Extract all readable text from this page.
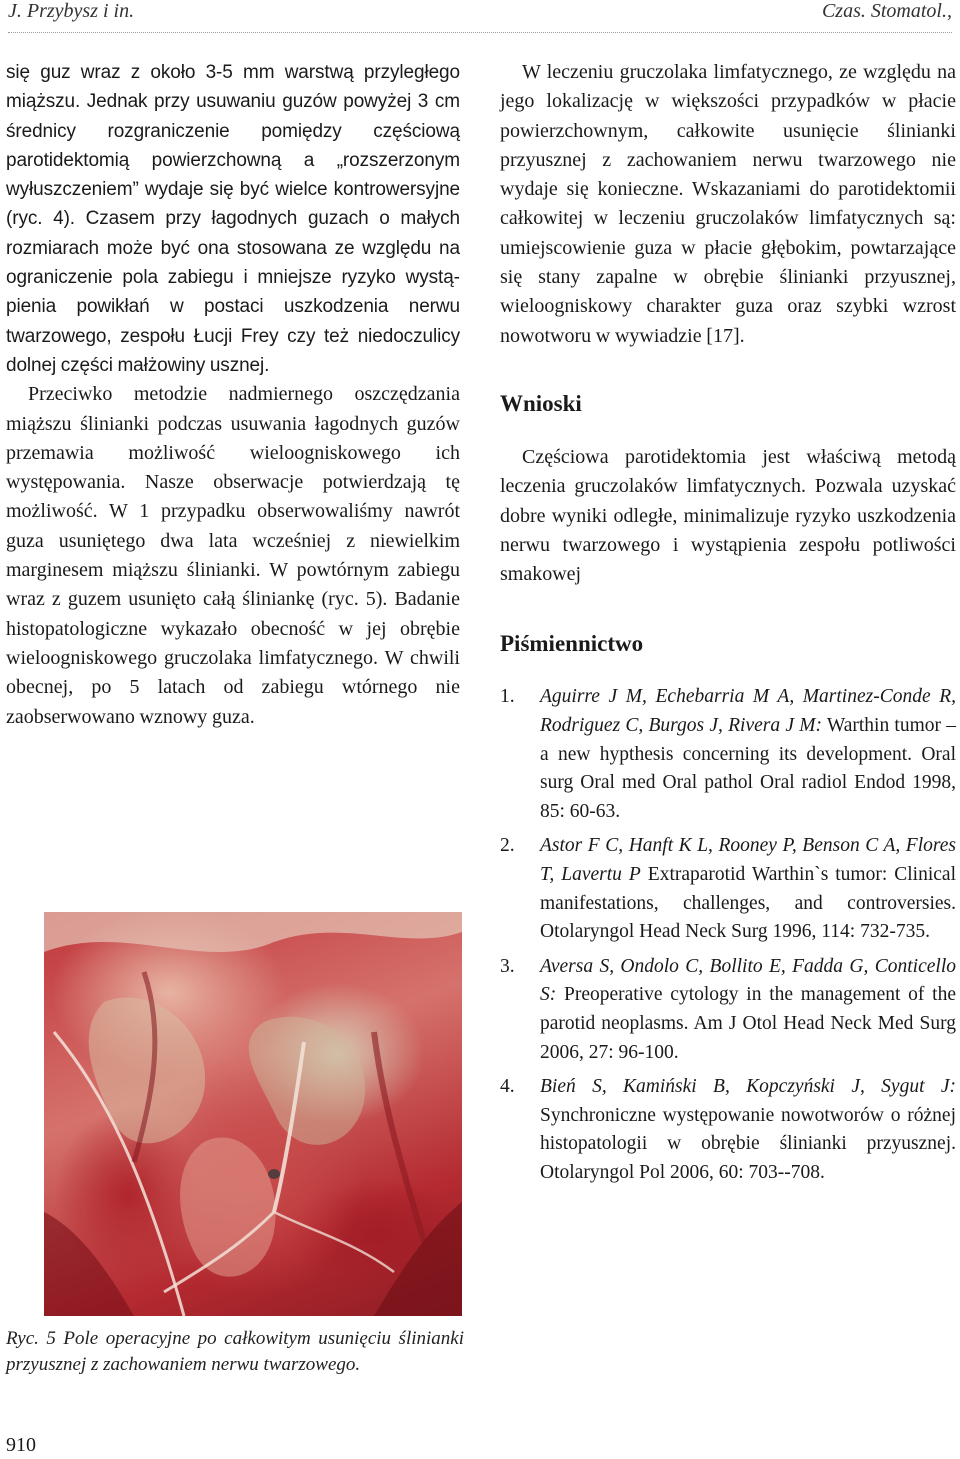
J. Przybysz i in.	Czas. Stomatol.,

się guz wraz z około 3-5 mm warstwą przyległego miąższu. Jednak przy usuwaniu guzów powyżej 3 cm średnicy rozgraniczenie pomiędzy częściową parotidektomią powierzchowną a „rozszerzonym wyłuszczeniem” wydaje się być wielce kontrowersyjne (ryc. 4). Czasem przy łagodnych guzach o małych rozmiarach może być ona stosowana ze względu na ograniczenie pola zabiegu i mniejsze ryzyko wystąpienia powikłań w postaci uszkodzenia nerwu twarzowego, zespołu Łucji Frey czy też niedoczulicy dolnej części małżowiny usznej.

Przeciwko metodzie nadmiernego oszczędzania miąższu ślinianki podczas usuwania łagodnych guzów przemawia możliwość wieloogniskowego ich występowania. Nasze obserwacje potwierdzają tę możliwość. W 1 przypadku obserwowaliśmy nawrót guza usuniętego dwa lata wcześniej z niewielkim marginesem miąższu ślinianki. W powtórnym zabiegu wraz z guzem usunięto całą śliniankę (ryc. 5). Badanie histopatologiczne wykazało obecność w jej obrębie wieloogniskowego gruczolaka limfatycznego. W chwili obecnej, po 5 latach od zabiegu wtórnego nie zaobserwowano wznowy guza.

Ryc. 5 Pole operacyjne po całkowitym usunięciu ślinianki przyusznej z zachowaniem nerwu twarzowego.

W leczeniu gruczolaka limfatycznego, ze względu na jego lokalizację w większości przypadków w płacie powierzchownym, całkowite usunięcie ślinianki przyusznej z zachowaniem nerwu twarzowego nie wydaje się konieczne. Wskazaniami do parotidektomii całkowitej w leczeniu gruczolaków limfatycznych są: umiejscowienie guza w płacie głębokim, powtarzające się stany zapalne w obrębie ślinianki przyusznej, wieloogniskowy charakter guza oraz szybki wzrost nowotworu w wywiadzie [17].

Wnioski

Częściowa parotidektomia jest właściwą metodą leczenia gruczolaków limfatycznych. Pozwala uzyskać dobre wyniki odległe, minimalizuje ryzyko uszkodzenia nerwu twarzowego i wystąpienia zespołu potliwości smakowej

Piśmiennictwo
1.	Aguirre J M, Echebarria M A, Martinez-Conde R, Rodriguez C, Burgos J, Rivera J M: Warthin tumor – a new hypthesis concerning its development. Oral surg Oral med Oral pathol Oral radiol Endod 1998, 85: 60-63.
2.	Astor F C, Hanft K L, Rooney P, Benson C A, Flores T, Lavertu P Extraparotid Warthin`s tumor: Clinical manifestations, challenges, and controversies. Otolaryngol Head Neck Surg 1996, 114: 732-735.
3.	Aversa S, Ondolo C, Bollito E, Fadda G, Conticello S: Preoperative cytology in the management of the parotid neoplasms. Am J Otol Head Neck Med Surg 2006, 27: 96-100.
4.	Bień S, Kamiński B, Kopczyński J, Sygut J: Synchroniczne występowanie nowotworów o różnej histopatologii w obrębie ślinianki przyusznej. Otolaryngol Pol 2006, 60: 703--708.
910
